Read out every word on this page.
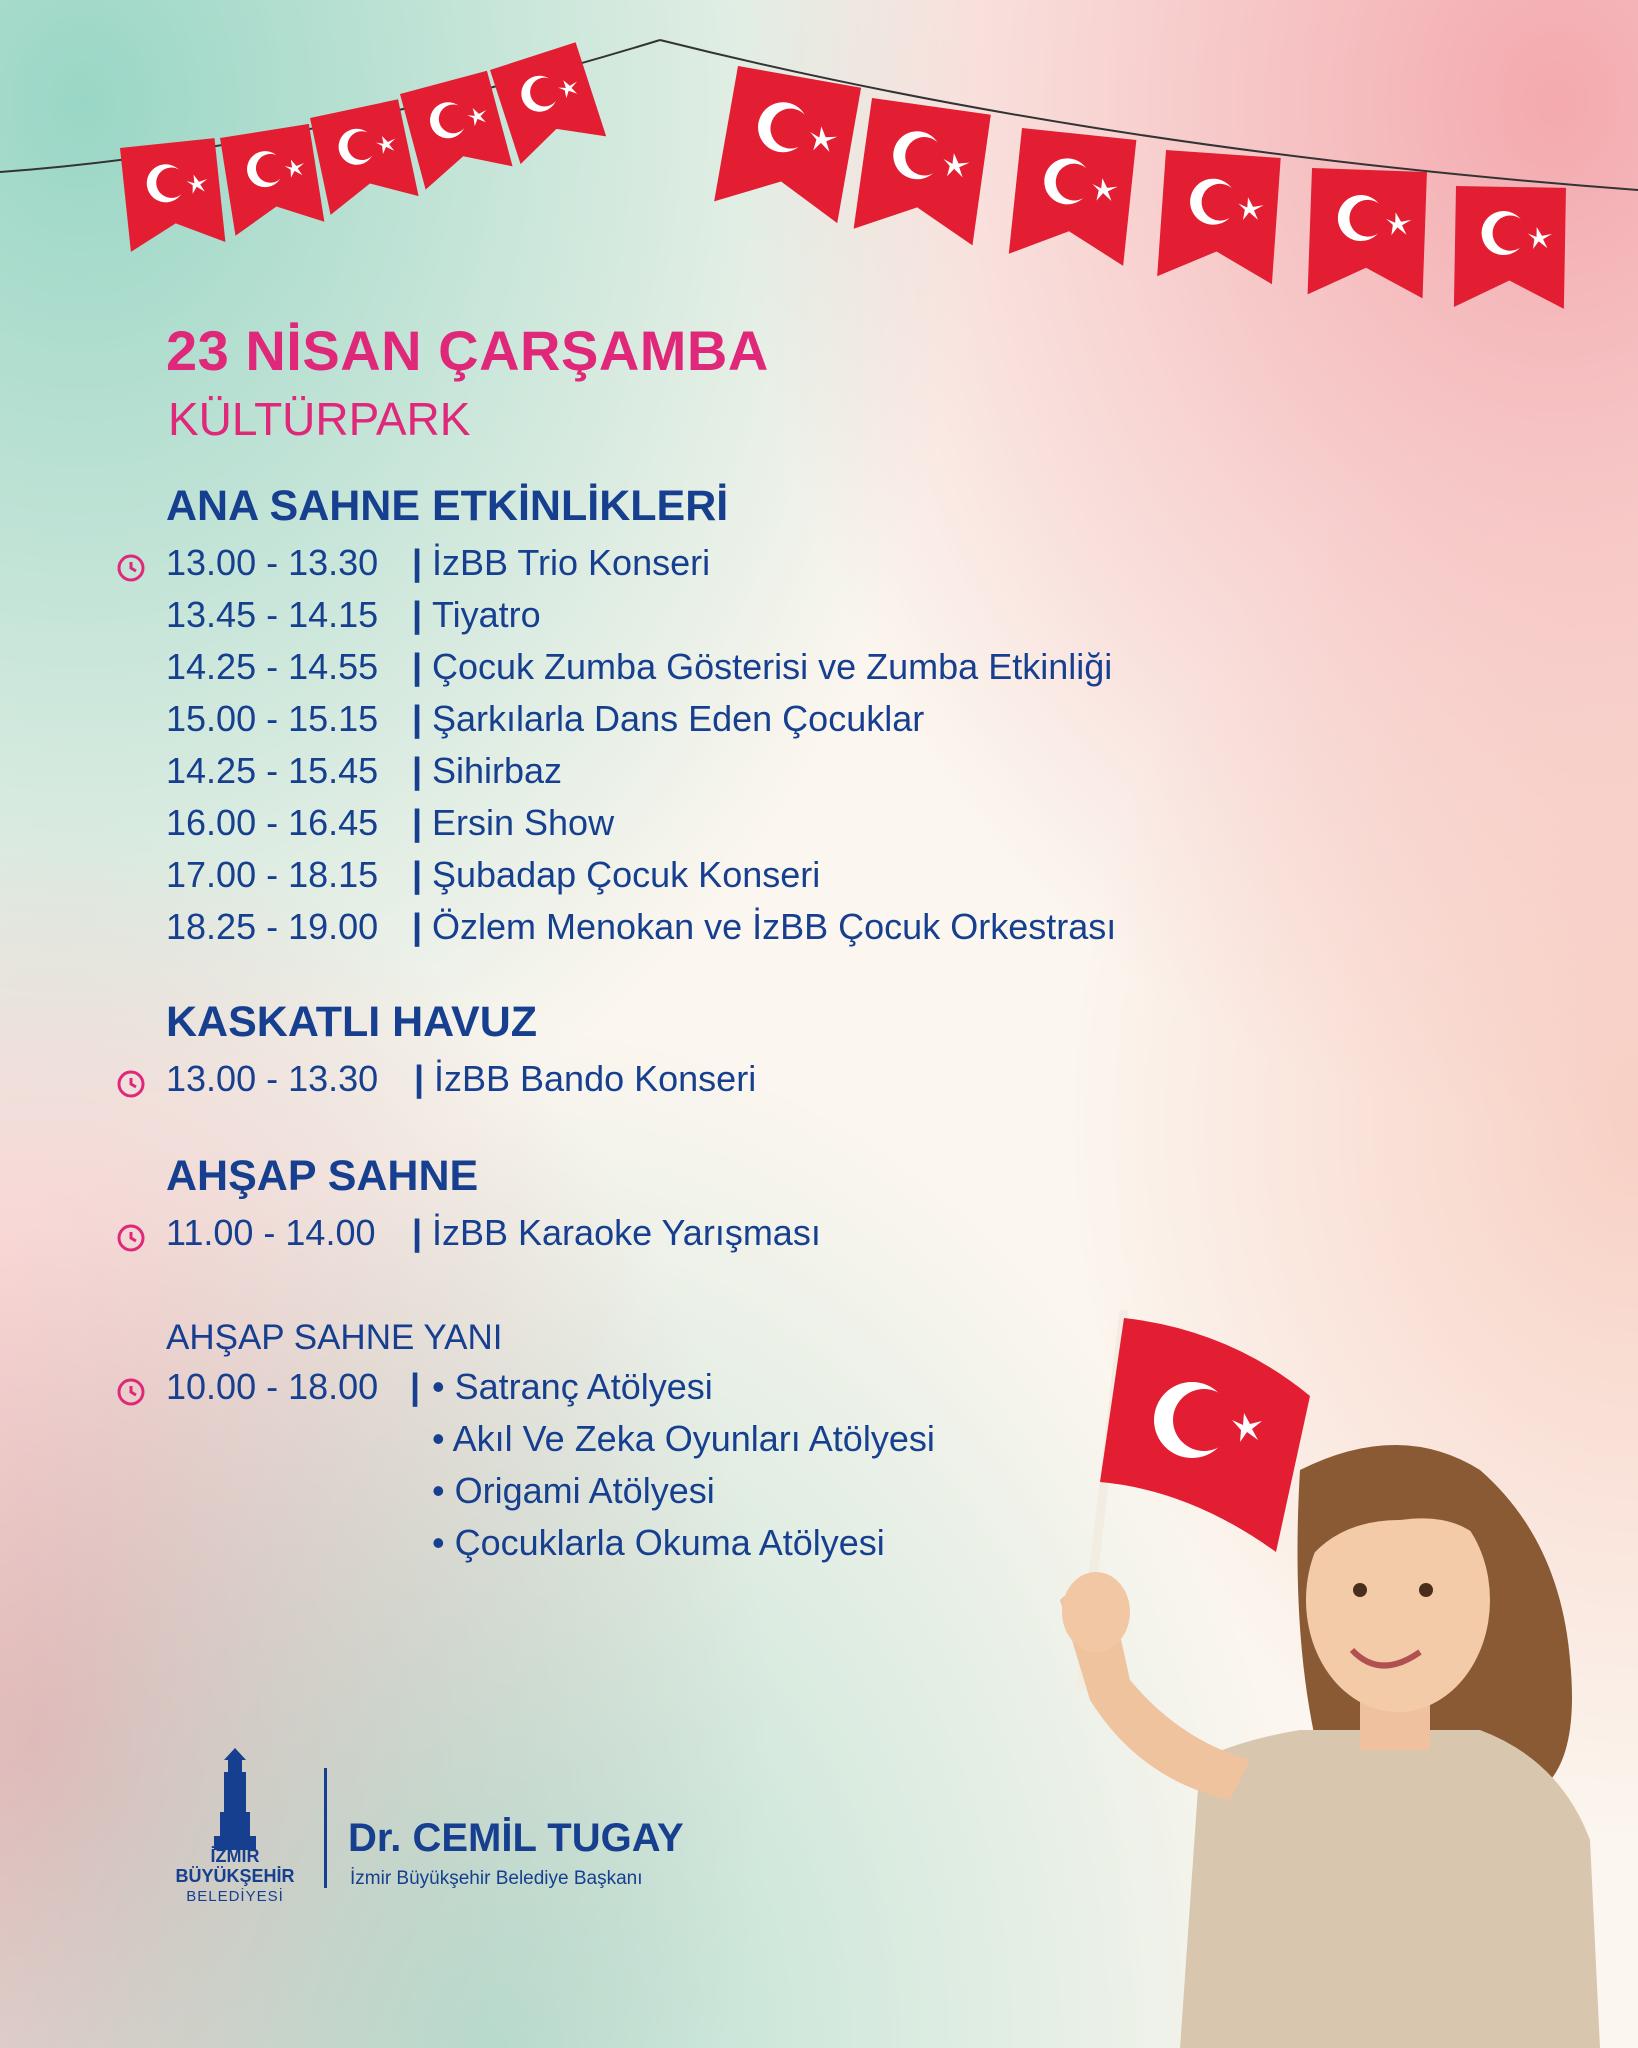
23 NİSAN ÇARŞAMBA
KÜLTÜRPARK
ANA SAHNE ETKİNLİKLERİ
13.00 - 13.30 | İzBB Trio Konseri
13.45 - 14.15 | Tiyatro
14.25 - 14.55 | Çocuk Zumba Gösterisi ve Zumba Etkinliği
15.00 - 15.15 | Şarkılarla Dans Eden Çocuklar
14.25 - 15.45 | Sihirbaz
16.00 - 16.45 | Ersin Show
17.00 - 18.15 | Şubadap Çocuk Konseri
18.25 - 19.00 | Özlem Menokan ve İzBB Çocuk Orkestrası
KASKATLI HAVUZ
13.00 - 13.30 | İzBB Bando Konseri
AHŞAP SAHNE
11.00 - 14.00	| İzBB Karaoke Yarışması
AHŞAP SAHNE YANI
10.00 - 18.00 | • Satranç Atölyesi
• Akıl Ve Zeka Oyunları Atölyesi
• Origami Atölyesi
• Çocuklarla Okuma Atölyesi
İZMİR
BÜYÜKŞEHİR
BELEDİYESİ
Dr. CEMİL TUGAY
İzmir Büyükşehir Belediye Başkanı
